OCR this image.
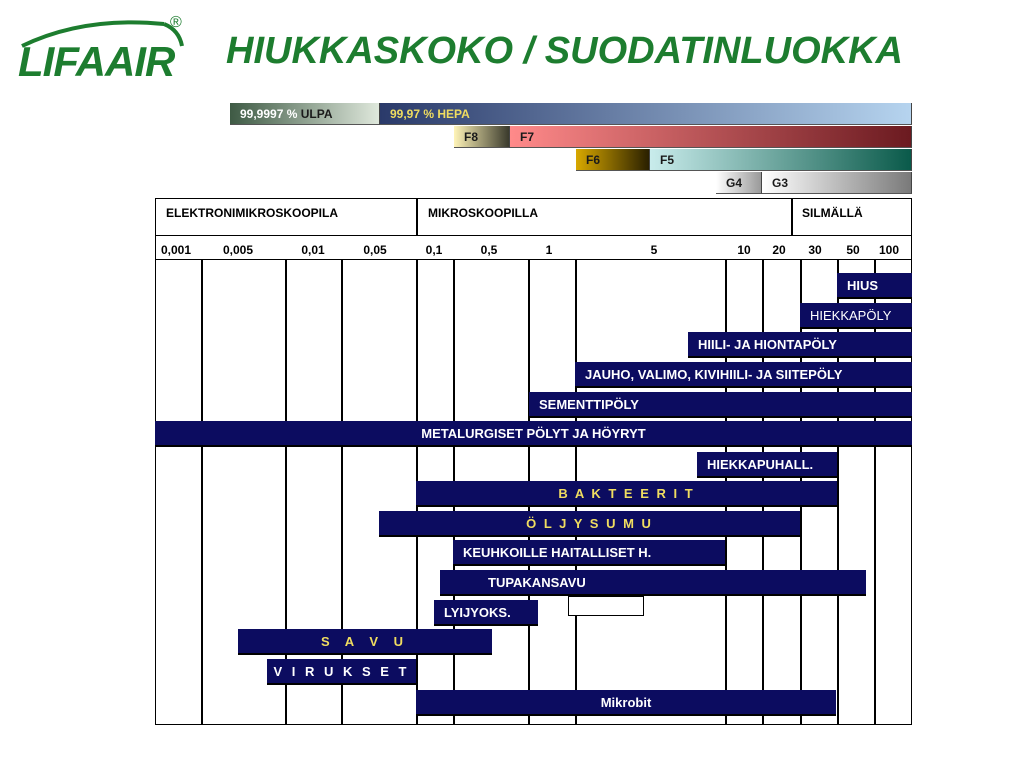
LIFAAIR
®
HIUKKASKOKO / SUODATINLUOKKA
99,9997 % ULPA	99,97 % HEPA
F8	F7
F6	F5
G4	G3
ELEKTRONIMIKROSKOOPILA	MIKROSKOOPILLA	SILMÄLLÄ
0,001	0,005	0,01	0,05	0,1	0,5	1	5	10	20	30	50	100
HIUS
HIEKKAPÖLY
HIILI- JA HIONTAPÖLY
JAUHO, VALIMO, KIVIHIILI- JA SIITEPÖLY
SEMENTTIPÖLY
METALURGISET PÖLYT JA HÖYRYT
HIEKKAPUHALL.
B A K T E E R I T
Ö L J Y S U M U
KEUHKOILLE HAITALLISET H.
TUPAKANSAVU
LYIJYOKS.
S A V U
V I R U K S E T
Mikrobit
